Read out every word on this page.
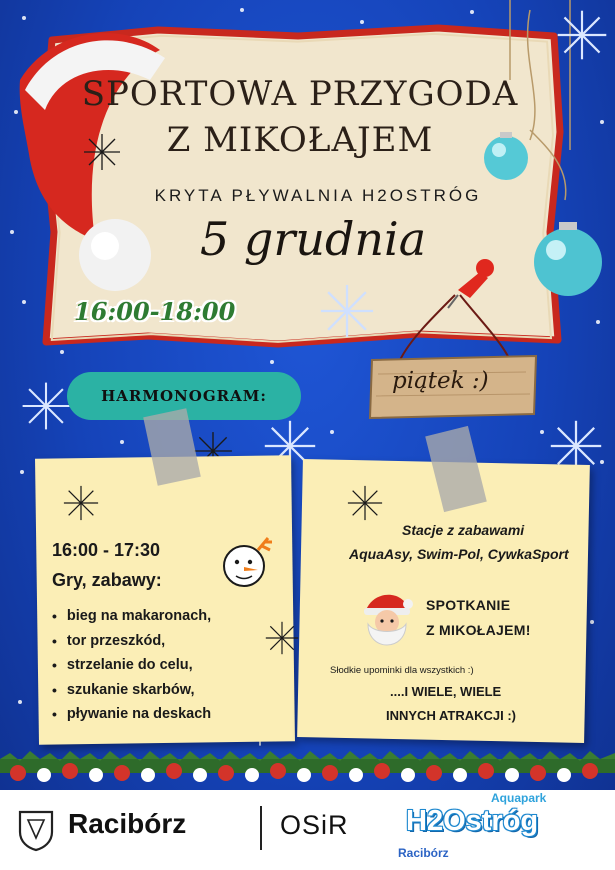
SPORTOWA PRZYGODA
Z MIKOŁAJEM
KRYTA PŁYWALNIA H2OSTRÓG
5 grudnia
16:00-18:00
piątek :)
HARMONOGRAM:
16:00 - 17:30
Gry, zabawy:
• bieg na makaronach,
• tor przeszkód,
• strzelanie do celu,
• szukanie skarbów,
• pływanie na deskach
Stacje z zabawami
AquaAsy, Swim-Pol, CywkaSport
SPOTKANIE
Z MIKOŁAJEM!
Słodkie upominki dla wszystkich :)
....I WIELE, WIELE
INNYCH ATRAKCJI :)
Racibórz	OSiR
Aquapark
H2Ostróg
Racibórz
